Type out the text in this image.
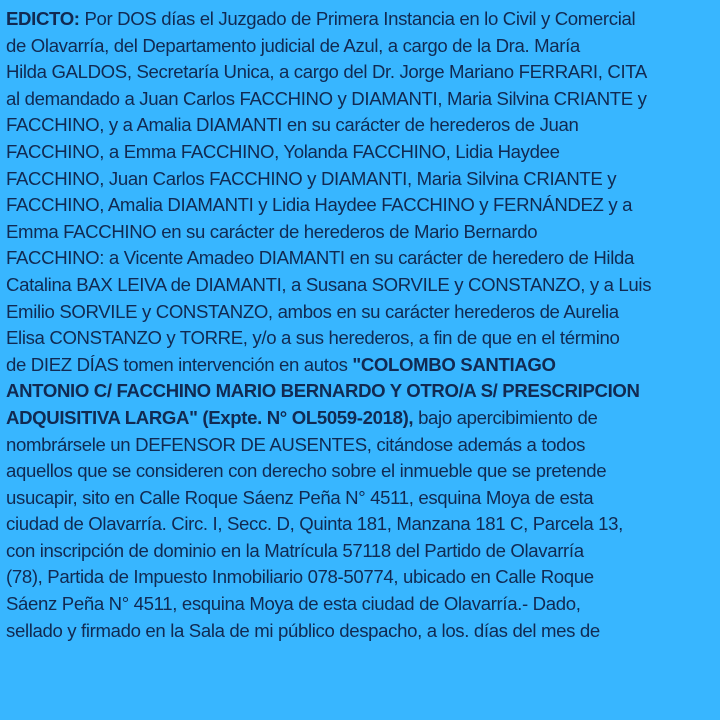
EDICTO: Por DOS días el Juzgado de Primera Instancia en lo Civil y Comercial
de Olavarría, del Departamento judicial de Azul, a cargo de la Dra. María
Hilda GALDOS, Secretaría Unica, a cargo del Dr. Jorge Mariano FERRARI, CITA
al demandado a Juan Carlos FACCHINO y DIAMANTI, Maria Silvina CRIANTE y
FACCHINO, y a Amalia DIAMANTI en su carácter de herederos de Juan
FACCHINO, a Emma FACCHINO, Yolanda FACCHINO, Lidia Haydee
FACCHINO, Juan Carlos FACCHINO y DIAMANTI, Maria Silvina CRIANTE y
FACCHINO, Amalia DIAMANTI y Lidia Haydee FACCHINO y FERNÁNDEZ y a
Emma FACCHINO en su carácter de herederos de Mario Bernardo
FACCHINO: a Vicente Amadeo DIAMANTI en su carácter de heredero de Hilda
Catalina BAX LEIVA de DIAMANTI, a Susana SORVILE y CONSTANZO, y a Luis
Emilio SORVILE y CONSTANZO, ambos en su carácter herederos de Aurelia
Elisa CONSTANZO y TORRE, y/o a sus herederos, a fin de que en el término
de DIEZ DÍAS tomen intervención en autos "COLOMBO SANTIAGO
ANTONIO C/ FACCHINO MARIO BERNARDO Y OTRO/A S/ PRESCRIPCION
ADQUISITIVA LARGA" (Expte. N° OL5059-2018), bajo apercibimiento de
nombrársele un DEFENSOR DE AUSENTES, citándose además a todos
aquellos que se consideren con derecho sobre el inmueble que se pretende
usucapir, sito en Calle Roque Sáenz Peña N° 4511, esquina Moya de esta
ciudad de Olavarría. Circ. I, Secc. D, Quinta 181, Manzana 181 C, Parcela 13,
con inscripción de dominio en la Matrícula 57118 del Partido de Olavarría
(78), Partida de Impuesto Inmobiliario 078-50774, ubicado en Calle Roque
Sáenz Peña N° 4511, esquina Moya de esta ciudad de Olavarría.- Dado,
sellado y firmado en la Sala de mi público despacho, a los. días del mes de
